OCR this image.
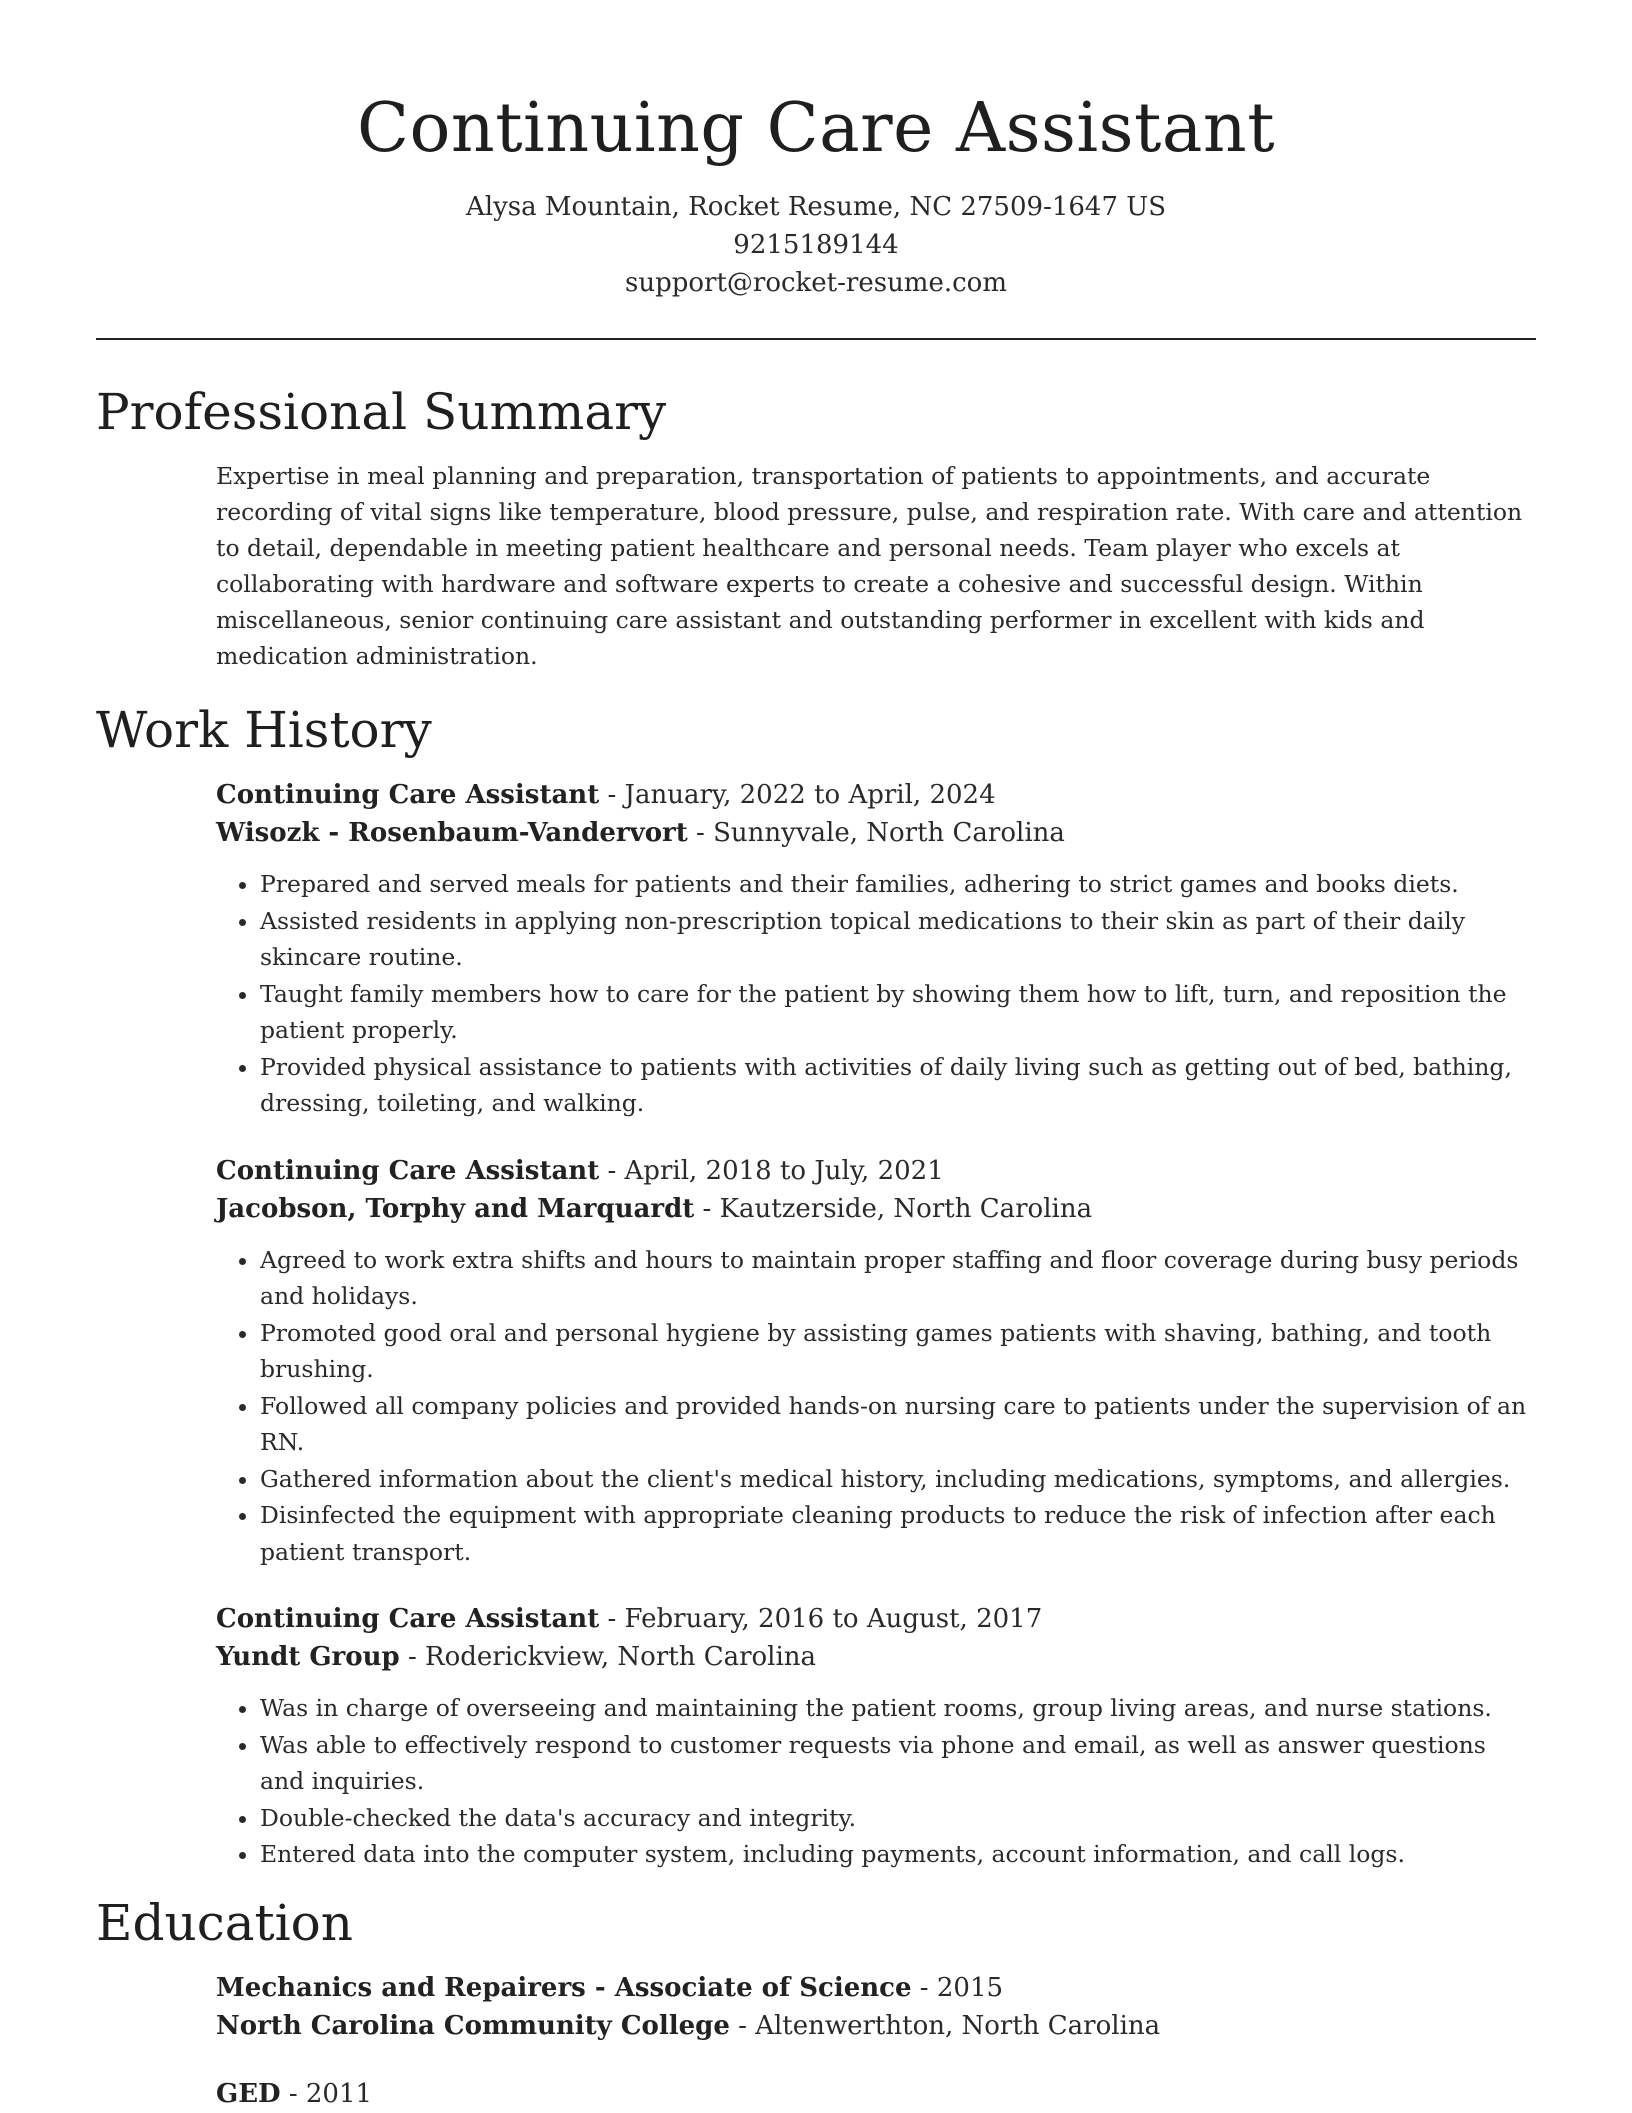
Continuing Care Assistant
Alysa Mountain, Rocket Resume, NC 27509-1647 US
9215189144
support@rocket-resume.com
Professional Summary
Expertise in meal planning and preparation, transportation of patients to appointments, and accurate recording of vital signs like temperature, blood pressure, pulse, and respiration rate. With care and attention to detail, dependable in meeting patient healthcare and personal needs. Team player who excels at collaborating with hardware and software experts to create a cohesive and successful design. Within miscellaneous, senior continuing care assistant and outstanding performer in excellent with kids and medication administration.
Work History
Continuing Care Assistant - January, 2022 to April, 2024
Wisozk - Rosenbaum-Vandervort - Sunnyvale, North Carolina
• Prepared and served meals for patients and their families, adhering to strict games and books diets.
• Assisted residents in applying non-prescription topical medications to their skin as part of their daily skincare routine.
• Taught family members how to care for the patient by showing them how to lift, turn, and reposition the patient properly.
• Provided physical assistance to patients with activities of daily living such as getting out of bed, bathing, dressing, toileting, and walking.
Continuing Care Assistant - April, 2018 to July, 2021
Jacobson, Torphy and Marquardt - Kautzerside, North Carolina
• Agreed to work extra shifts and hours to maintain proper staffing and floor coverage during busy periods and holidays.
• Promoted good oral and personal hygiene by assisting games patients with shaving, bathing, and tooth brushing.
• Followed all company policies and provided hands-on nursing care to patients under the supervision of an RN.
• Gathered information about the client's medical history, including medications, symptoms, and allergies.
• Disinfected the equipment with appropriate cleaning products to reduce the risk of infection after each patient transport.
Continuing Care Assistant - February, 2016 to August, 2017
Yundt Group - Roderickview, North Carolina
• Was in charge of overseeing and maintaining the patient rooms, group living areas, and nurse stations.
• Was able to effectively respond to customer requests via phone and email, as well as answer questions and inquiries.
• Double-checked the data's accuracy and integrity.
• Entered data into the computer system, including payments, account information, and call logs.
Education
Mechanics and Repairers - Associate of Science - 2015
North Carolina Community College - Altenwerthton, North Carolina
GED - 2011
